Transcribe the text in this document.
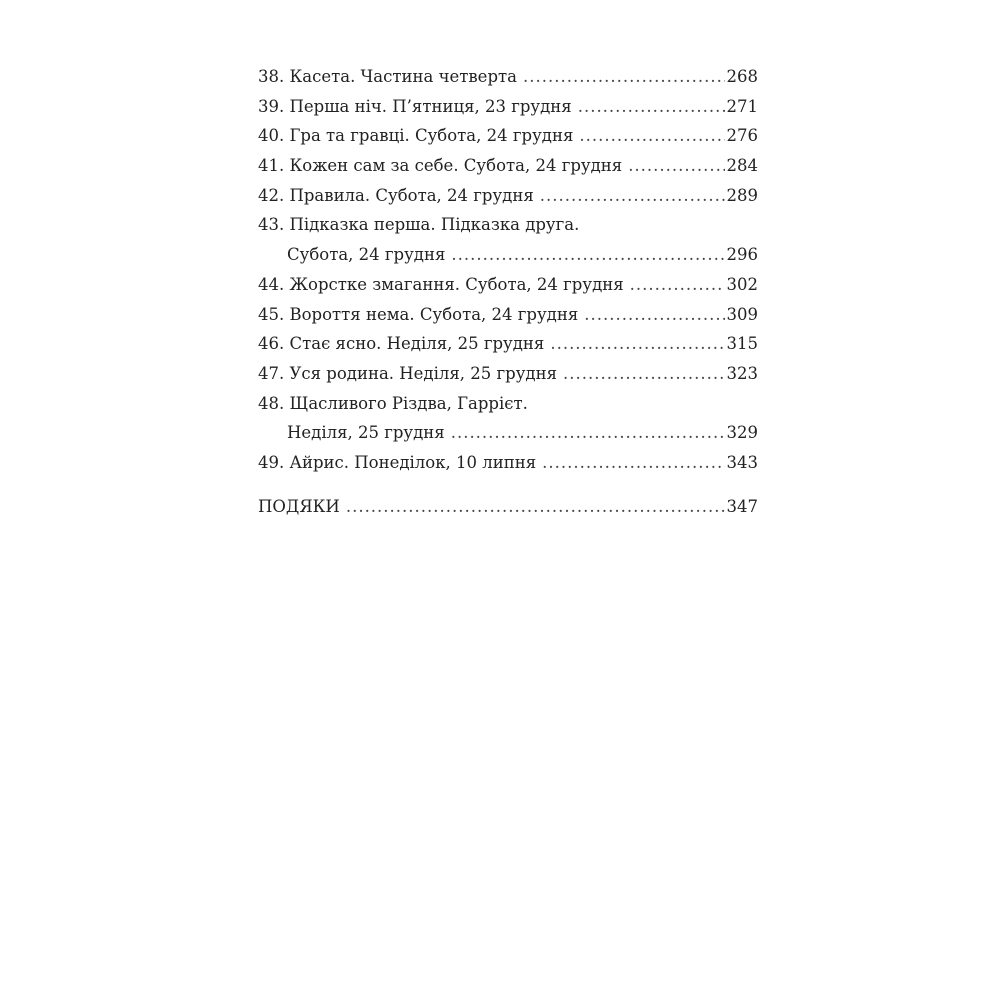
38. Касета. Частина четверта .....	268
39. Перша ніч. П’ятниця, 23 грудня .....	271
40. Гра та гравці. Субота, 24 грудня .....	276
41. Кожен сам за себе. Субота, 24 грудня .....	284
42. Правила. Субота, 24 грудня .....	289
43. Підказка перша. Підказка друга.
Субота, 24 грудня .....	296
44. Жорстке змагання. Субота, 24 грудня .....	302
45. Вороття нема. Субота, 24 грудня .....	309
46. Стає ясно. Неділя, 25 грудня .....	315
47. Уся родина. Неділя, 25 грудня .....	323
48. Щасливого Різдва, Гаррієт.
Неділя, 25 грудня .....	329
49. Айрис. Понеділок, 10 липня .....	343
ПОДЯКИ .....	347
